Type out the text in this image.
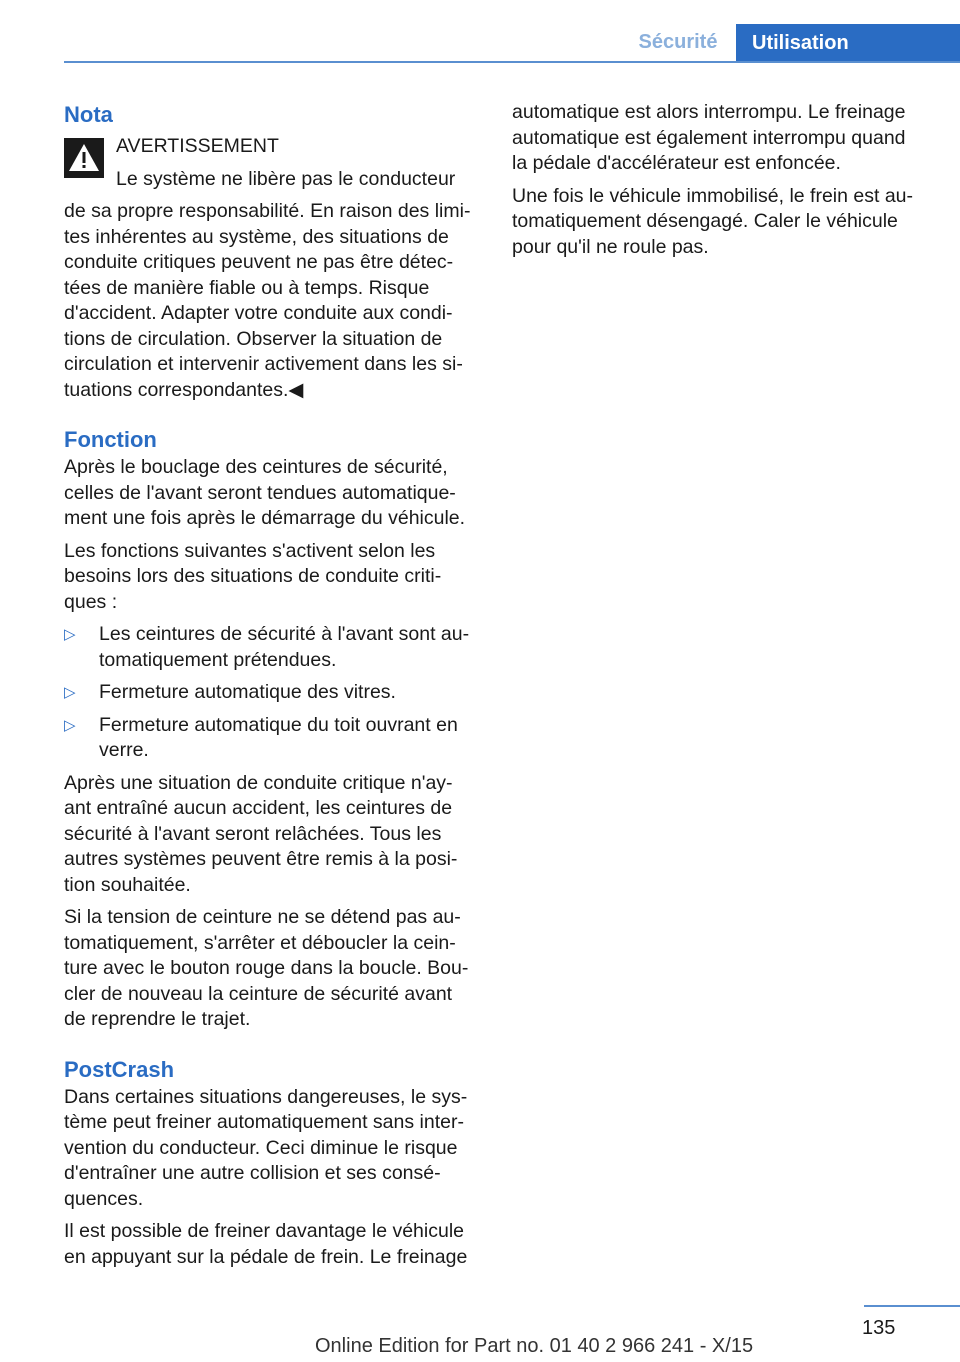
Sécurité	Utilisation
Nota

AVERTISSEMENT

Le système ne libère pas le conducteur

de sa propre responsabilité. En raison des limi‐ tes inhérentes au système, des situations de conduite critiques peuvent ne pas être détec‐ tées de manière fiable ou à temps. Risque d'accident. Adapter votre conduite aux condi‐ tions de circulation. Observer la situation de circulation et intervenir activement dans les si‐ tuations correspondantes.◀

Fonction

Après le bouclage des ceintures de sécurité, celles de l'avant seront tendues automatique‐ ment une fois après le démarrage du véhicule.

Les fonctions suivantes s'activent selon les besoins lors des situations de conduite criti‐ ques :

▷ Les ceintures de sécurité à l'avant sont au‐ tomatiquement prétendues.
▷ Fermeture automatique des vitres.
▷ Fermeture automatique du toit ouvrant en verre.

Après une situation de conduite critique n'ay‐ ant entraîné aucun accident, les ceintures de sécurité à l'avant seront relâchées. Tous les autres systèmes peuvent être remis à la posi‐ tion souhaitée.

Si la tension de ceinture ne se détend pas au‐ tomatiquement, s'arrêter et déboucler la cein‐ ture avec le bouton rouge dans la boucle. Bou‐ cler de nouveau la ceinture de sécurité avant de reprendre le trajet.

PostCrash

Dans certaines situations dangereuses, le sys‐ tème peut freiner automatiquement sans inter‐ vention du conducteur. Ceci diminue le risque d'entraîner une autre collision et ses consé‐ quences.

Il est possible de freiner davantage le véhicule en appuyant sur la pédale de frein. Le freinage

automatique est alors interrompu. Le freinage automatique est également interrompu quand la pédale d'accélérateur est enfoncée.

Une fois le véhicule immobilisé, le frein est au‐ tomatiquement désengagé. Caler le véhicule pour qu'il ne roule pas.

135
Online Edition for Part no. 01 40 2 966 241 - X/15
